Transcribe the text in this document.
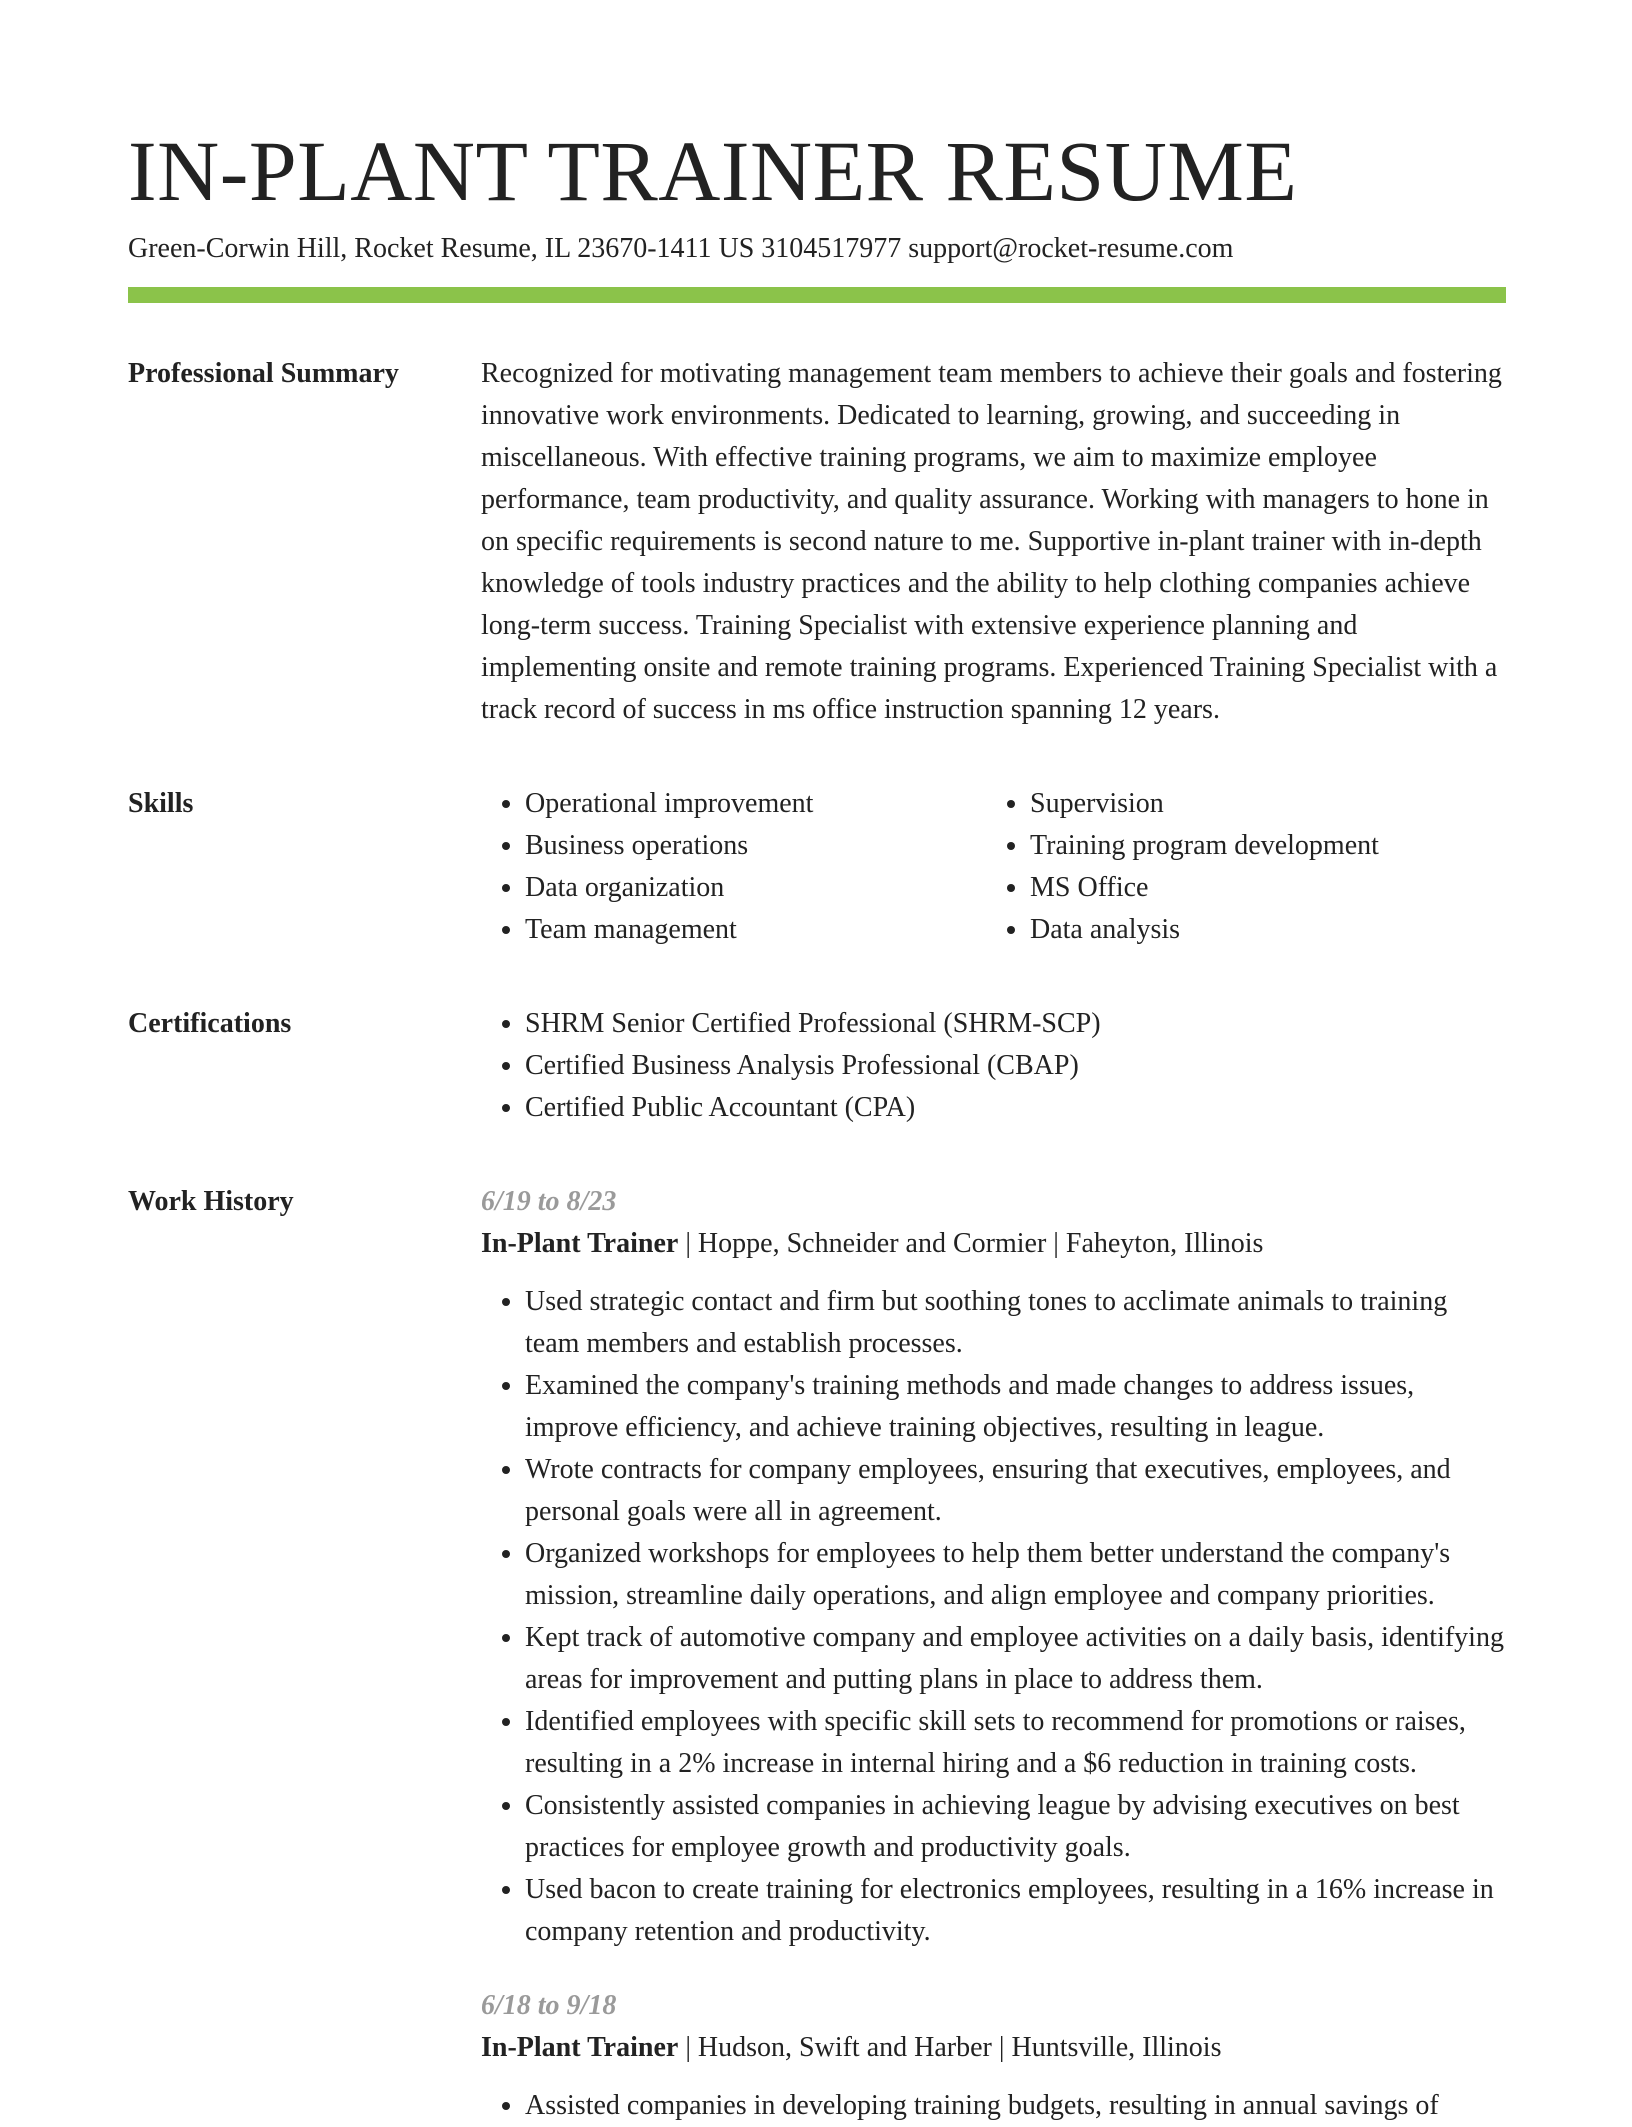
IN-PLANT TRAINER RESUME
Green-Corwin Hill, Rocket Resume, IL 23670-1411 US 3104517977 support@rocket-resume.com
Professional Summary	Recognized for motivating management team members to achieve their goals and fostering innovative work environments. Dedicated to learning, growing, and succeeding in miscellaneous. With effective training programs, we aim to maximize employee performance, team productivity, and quality assurance. Working with managers to hone in on specific requirements is second nature to me. Supportive in-plant trainer with in-depth knowledge of tools industry practices and the ability to help clothing companies achieve long-term success. Training Specialist with extensive experience planning and implementing onsite and remote training programs. Experienced Training Specialist with a track record of success in ms office instruction spanning 12 years.

Skills	• Operational improvement
• Business operations
• Data organization
• Team management
• Supervision
• Training program development
• MS Office
• Data analysis
Certifications	• SHRM Senior Certified Professional (SHRM-SCP)
• Certified Business Analysis Professional (CBAP)
• Certified Public Accountant (CPA)
Work History	6/19 to 8/23
In-Plant Trainer | Hoppe, Schneider and Cormier | Faheyton, Illinois
• Used strategic contact and firm but soothing tones to acclimate animals to training team members and establish processes.
• Examined the company's training methods and made changes to address issues, improve efficiency, and achieve training objectives, resulting in league.
• Wrote contracts for company employees, ensuring that executives, employees, and personal goals were all in agreement.
• Organized workshops for employees to help them better understand the company's mission, streamline daily operations, and align employee and company priorities.
• Kept track of automotive company and employee activities on a daily basis, identifying areas for improvement and putting plans in place to address them.
• Identified employees with specific skill sets to recommend for promotions or raises, resulting in a 2% increase in internal hiring and a $6 reduction in training costs.
• Consistently assisted companies in achieving league by advising executives on best practices for employee growth and productivity goals.
• Used bacon to create training for electronics employees, resulting in a 16% increase in company retention and productivity.
6/18 to 9/18
In-Plant Trainer | Hudson, Swift and Harber | Huntsville, Illinois
• Assisted companies in developing training budgets, resulting in annual savings of
